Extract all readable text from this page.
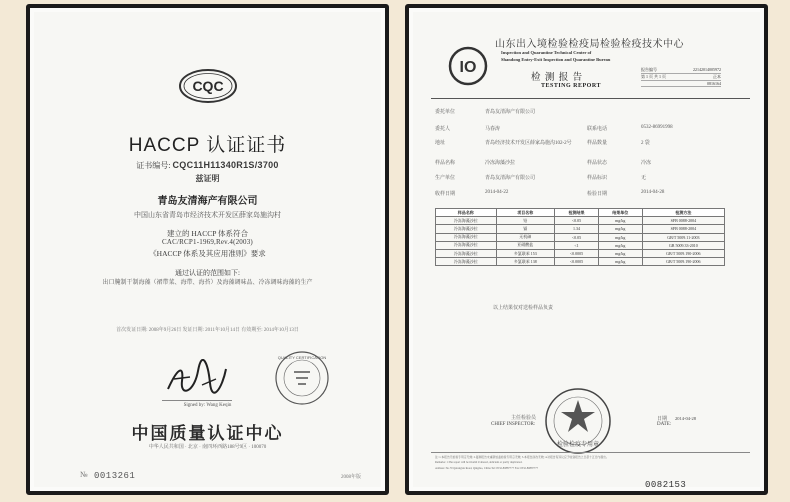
CQC
HACCP 认证证书
证书编号: CQC11H11340R1S/3700
兹证明
青岛友清海产有限公司
中国山东省青岛市经济技术开发区薛家岛施沟村
建立的 HACCP 体系符合
CAC/RCP1-1969,Rev.4(2003)
《HACCP 体系及其应用准则》要求
通过认证的范围如下:
出口腌制干制海藻（裙带菜、海带、海苔）及海藻调味品、冷冻调味海藻的生产
首次发证日期: 2008年9月26日 发证日期: 2011年10月14日 有效期至: 2014年10月13日
Signed by: Wang Keqin
QUALITY CERTIFICATION
中国质量认证中心
中华人民共和国 · 北京 · 南四环西路188号9区 · 100070
№ 0013261	2008年版
IO
山东出入境检验检疫局检验检疫技术中心
Inspection and Quarantine Technical Center of
Shandong Entry-Exit Inspection and Quarantine Bureau
检 测 报 告
TESTING REPORT
报告编号	22142014005972
第 1 页 共 1 页	正本
0816164
委托单位	青岛友清海产有限公司
委托人	马春涛	联系电话	0532-86991998
地址	青岛经济技术开发区薛家岛施沟102-2号	样品数量	2 袋
样品名称	冷冻海藻沙拉	样品状态	冷冻
生产单位	青岛友清海产有限公司	样品标识	无
收样日期	2014-04-22	检验日期	2014-04-28
样品名称	项目名称	检测结果	结果单位	检测方法
冷冻海藻沙拉	铅	<0.05	mg/kg	SFB 0088-2004
冷冻海藻沙拉	镉	1.34	mg/kg	SFB 0088-2004
冷冻海藻沙拉	无机砷	<0.05	mg/kg	GB/T 5009.11-2003
冷冻海藻沙拉	亚硝酸盐	<1	mg/kg	GB 5009.33-2010
冷冻海藻沙拉	多氯联苯 153	<0.0005	mg/kg	GB/T 5009.190-2006
冷冻海藻沙拉	多氯联苯 138	<0.0005	mg/kg	GB/T 5009.190-2006
以上结果仅对送检样品负责
检验检疫专用章
主任检验员
CHIEF INSPECTOR:
日期 2014-04-28
DATE:
注: 1.本报告无检验专用章无效; 2.复制报告未重新加盖检验专用章无效; 3.本报告涂改无效; 4.对报告有异议应于收到报告之日起十五日内提出。
Remarks: 1.The report will be invalid if altered, deficient or partly duplicated.
Address: No.70 Qutangxia Road, Qingdao, China Tel: 0532-80887777 Fax: 0532-80887777
0082153
